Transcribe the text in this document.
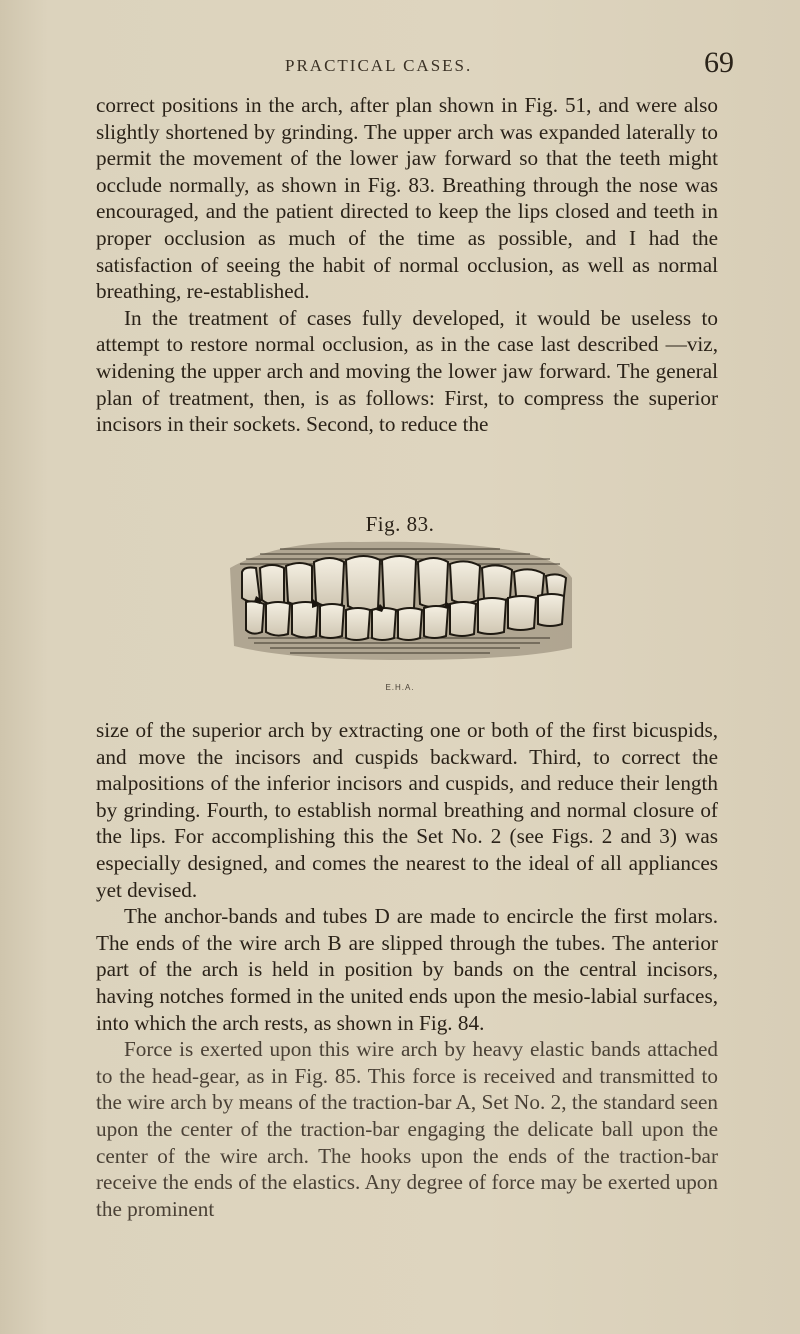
PRACTICAL CASES.	69

correct positions in the arch, after plan shown in Fig. 51, and were also slightly shortened by grinding. The upper arch was expanded laterally to permit the movement of the lower jaw forward so that the teeth might occlude normally, as shown in Fig. 83. Breathing through the nose was encouraged, and the patient directed to keep the lips closed and teeth in proper occlusion as much of the time as possible, and I had the satisfaction of seeing the habit of normal occlusion, as well as normal breathing, re-established.

In the treatment of cases fully developed, it would be useless to attempt to restore normal occlusion, as in the case last described —viz, widening the upper arch and moving the lower jaw forward. The general plan of treatment, then, is as follows: First, to compress the superior incisors in their sockets. Second, to reduce the

Fig. 83.
E.H.A.

size of the superior arch by extracting one or both of the first bicuspids, and move the incisors and cuspids backward. Third, to correct the malpositions of the inferior incisors and cuspids, and reduce their length by grinding. Fourth, to establish normal breathing and normal closure of the lips. For accomplishing this the Set No. 2 (see Figs. 2 and 3) was especially designed, and comes the nearest to the ideal of all appliances yet devised.

The anchor-bands and tubes D are made to encircle the first molars. The ends of the wire arch B are slipped through the tubes. The anterior part of the arch is held in position by bands on the central incisors, having notches formed in the united ends upon the mesio-labial surfaces, into which the arch rests, as shown in Fig. 84.

Force is exerted upon this wire arch by heavy elastic bands attached to the head-gear, as in Fig. 85. This force is received and transmitted to the wire arch by means of the traction-bar A, Set No. 2, the standard seen upon the center of the traction-bar engaging the delicate ball upon the center of the wire arch. The hooks upon the ends of the traction-bar receive the ends of the elastics. Any degree of force may be exerted upon the prominent
